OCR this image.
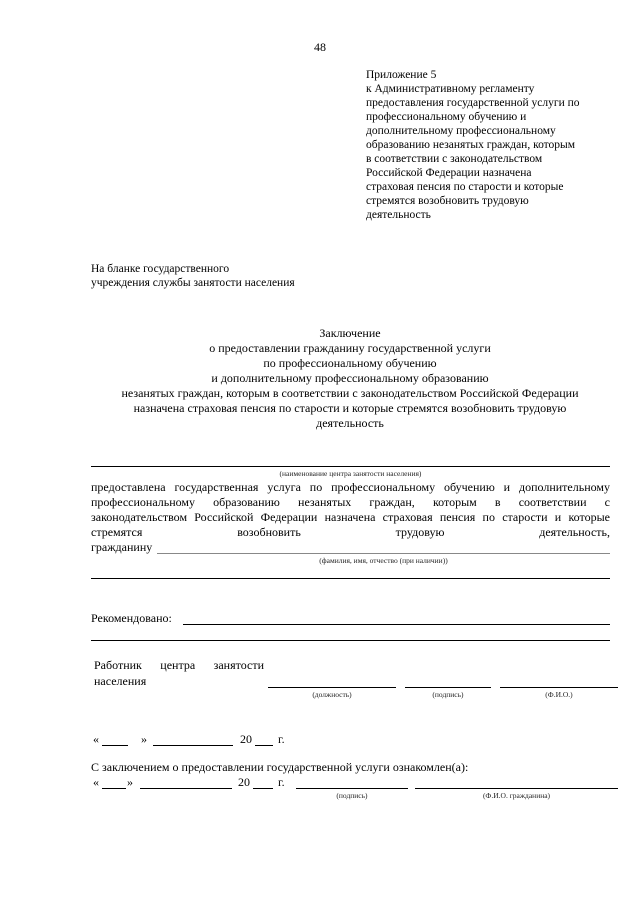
48
Приложение 5
к Административному регламенту
предоставления государственной услуги по
профессиональному обучению и
дополнительному профессиональному
образованию незанятых граждан, которым
в соответствии с законодательством
Российской Федерации назначена
страховая пенсия по старости и которые
стремятся возобновить трудовую
деятельность
На бланке государственного
учреждения службы занятости населения
Заключение
о предоставлении гражданину государственной услуги
по профессиональному обучению
и дополнительному профессиональному образованию
незанятых граждан, которым в соответствии с законодательством Российской Федерации
назначена страховая пенсия по старости и которые стремятся возобновить трудовую
деятельность
(наименование центра занятости населения)
предоставлена государственная услуга по профессиональному обучению и дополнительному
профессиональному образованию незанятых граждан, которым в соответствии с
законодательством Российской Федерации назначена страховая пенсия по старости и которые
стремятся возобновить трудовую деятельность,
гражданину
(фамилия, имя, отчество (при наличии))
Рекомендовано:
Работник центра занятости
населения
(должность)	(подпись)	(Ф.И.О.)
«	»	20 г.
С заключением о предоставлении государственной услуги ознакомлен(а):
« »	20 г.
(подпись)	(Ф.И.О. гражданина)
